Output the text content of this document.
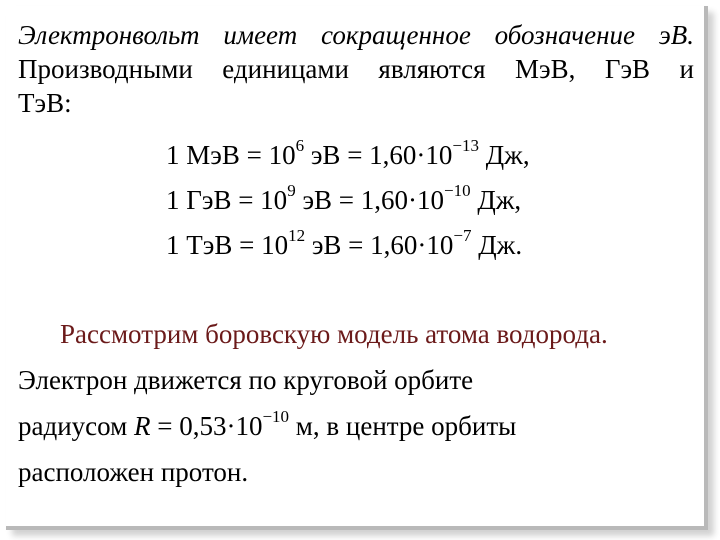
Электронвольт имеет сокращенное обозначение эВ.
Производными единицами являются МэВ, ГэВ и
ТэВ:
1 МэВ = $10^6$ эВ = $1,60\cdot 10^{-13}$ Дж,
1 ГэВ = $10^9$ эВ = $1,60\cdot 10^{-10}$ Дж,
1 ТэВ = $10^{12}$ эВ = $1,60\cdot 10^{-7}$ Дж.
Рассмотрим боровскую модель атома водорода.
Электрон движется по круговой орбите
радиусом $R = 0,53\cdot 10^{-10}$ м, в центре орбиты
расположен протон.
